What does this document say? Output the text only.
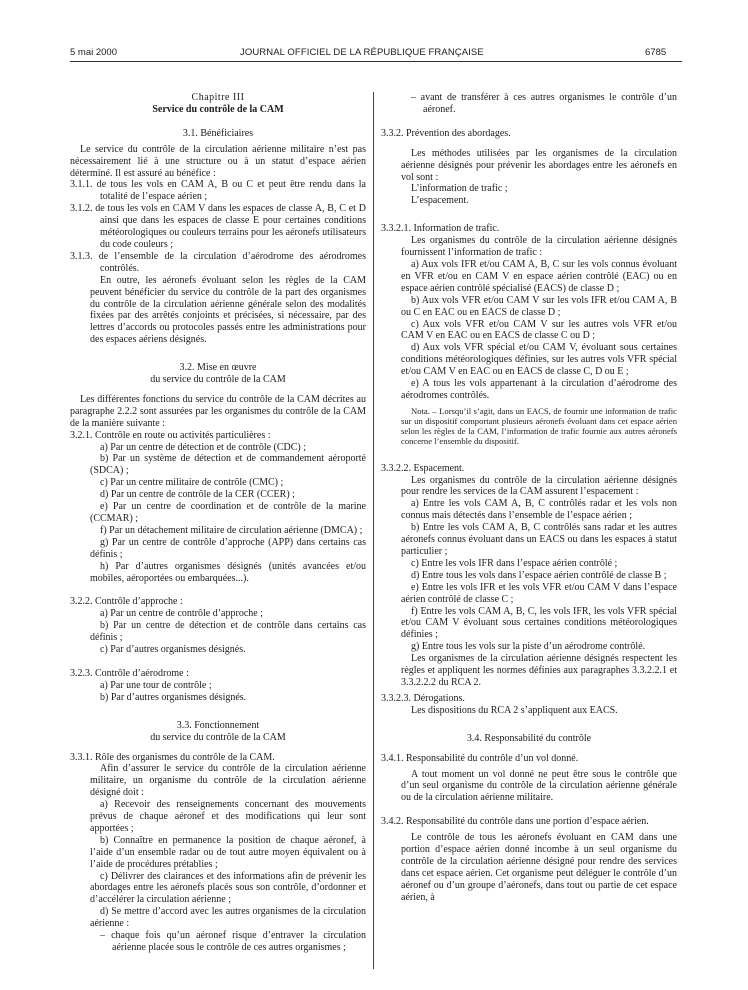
5 mai 2000	JOURNAL OFFICIEL DE LA RÉPUBLIQUE FRANÇAISE	6785

Chapitre III

Service du contrôle de la CAM

3.1. Bénéficiaires

Le service du contrôle de la circulation aérienne militaire n’est pas nécessairement lié à une structure ou à un statut d’espace aérien déterminé. Il est assuré au bénéfice :

3.1.1. de tous les vols en CAM A, B ou C et peut être rendu dans la totalité de l’espace aérien ;

3.1.2. de tous les vols en CAM V dans les espaces de classe A, B, C et D ainsi que dans les espaces de classe E pour certaines conditions météorologiques ou couleurs terrains pour les aéronefs utilisateurs du code couleurs ;

3.1.3. de l’ensemble de la circulation d’aérodrome des aérodromes contrôlés.

En outre, les aéronefs évoluant selon les règles de la CAM peuvent bénéficier du service du contrôle de la part des organismes du contrôle de la circulation aérienne générale selon des modalités fixées par des arrêtés conjoints et précisées, si nécessaire, par des lettres d’accords ou protocoles passés entre les administrations pour des espaces aériens désignés.

3.2. Mise en œuvre

du service du contrôle de la CAM

Les différentes fonctions du service du contrôle de la CAM décrites au paragraphe 2.2.2 sont assurées par les organismes du contrôle de la CAM de la manière suivante :

3.2.1. Contrôle en route ou activités particulières :

a) Par un centre de détection et de contrôle (CDC) ;

b) Par un système de détection et de commandement aéroporté (SDCA) ;

c) Par un centre militaire de contrôle (CMC) ;

d) Par un centre de contrôle de la CER (CCER) ;

e) Par un centre de coordination et de contrôle de la marine (CCMAR) ;

f) Par un détachement militaire de circulation aérienne (DMCA) ;

g) Par un centre de contrôle d’approche (APP) dans certains cas définis ;

h) Par d’autres organismes désignés (unités avancées et/ou mobiles, aéroportées ou embarquées...).

3.2.2. Contrôle d’approche :

a) Par un centre de contrôle d’approche ;

b) Par un centre de détection et de contrôle dans certains cas définis ;

c) Par d’autres organismes désignés.

3.2.3. Contrôle d’aérodrome :

a) Par une tour de contrôle ;

b) Par d’autres organismes désignés.

3.3. Fonctionnement

du service du contrôle de la CAM

3.3.1. Rôle des organismes du contrôle de la CAM.

Afin d’assurer le service du contrôle de la circulation aérienne militaire, un organisme du contrôle de la circulation aérienne désigné doit :

a) Recevoir des renseignements concernant des mouvements prévus de chaque aéronef et des modifications qui leur sont apportées ;

b) Connaître en permanence la position de chaque aéronef, à l’aide d’un ensemble radar ou de tout autre moyen équivalent ou à l’aide de procédures prétablies ;

c) Délivrer des clairances et des informations afin de prévenir les abordages entre les aéronefs placés sous son contrôle, d’ordonner et d’accélérer la circulation aérienne ;

d) Se mettre d’accord avec les autres organismes de la circulation aérienne :

– chaque fois qu’un aéronef risque d’entraver la circulation aérienne placée sous le contrôle de ces autres organismes ;

– avant de transférer à ces autres organismes le contrôle d’un aéronef.

3.3.2. Prévention des abordages.

Les méthodes utilisées par les organismes de la circulation aérienne désignés pour prévenir les abordages entre les aéronefs en vol sont :

L’information de trafic ;

L’espacement.

3.3.2.1. Information de trafic.

Les organismes du contrôle de la circulation aérienne désignés fournissent l’information de trafic :

a) Aux vols IFR et/ou CAM A, B, C sur les vols connus évoluant en VFR et/ou en CAM V en espace aérien contrôlé (EAC) ou en espace aérien contrôlé spécialisé (EACS) de classe D ;

b) Aux vols VFR et/ou CAM V sur les vols IFR et/ou CAM A, B ou C en EAC ou en EACS de classe D ;

c) Aux vols VFR et/ou CAM V sur les autres vols VFR et/ou CAM V en EAC ou en EACS de classe C ou D ;

d) Aux vols VFR spécial et/ou CAM V, évoluant sous certaines conditions météorologiques définies, sur les autres vols VFR spécial et/ou CAM V en EAC ou en EACS de classe C, D ou E ;

e) A tous les vols appartenant à la circulation d’aérodrome des aérodromes contrôlés.

Nota. – Lorsqu’il s’agit, dans un EACS, de fournir une information de trafic sur un dispositif comportant plusieurs aéronefs évoluant dans cet espace aérien selon les règles de la CAM, l’information de trafic fournie aux autres aéronefs concerne l’ensemble du dispositif.

3.3.2.2. Espacement.

Les organismes du contrôle de la circulation aérienne désignés pour rendre les services de la CAM assurent l’espacement :

a) Entre les vols CAM A, B, C contrôlés radar et les vols non connus mais détectés dans l’ensemble de l’espace aérien ;

b) Entre les vols CAM A, B, C contrôlés sans radar et les autres aéronefs connus évoluant dans un EACS ou dans les espaces à statut particulier ;

c) Entre les vols IFR dans l’espace aérien contrôlé ;

d) Entre tous les vols dans l’espace aérien contrôlé de classe B ;

e) Entre les vols IFR et les vols VFR et/ou CAM V dans l’espace aérien contrôlé de classe C ;

f) Entre les vols CAM A, B, C, les vols IFR, les vols VFR spécial et/ou CAM V évoluant sous certaines conditions météorologiques définies ;

g) Entre tous les vols sur la piste d’un aérodrome contrôlé.

Les organismes de la circulation aérienne désignés respectent les règles et appliquent les normes définies aux paragraphes 3.3.2.2.1 et 3.3.2.2.2 du RCA 2.

3.3.2.3. Dérogations.

Les dispositions du RCA 2 s’appliquent aux EACS.

3.4. Responsabilité du contrôle

3.4.1. Responsabilité du contrôle d’un vol donné.

A tout moment un vol donné ne peut être sous le contrôle que d’un seul organisme du contrôle de la circulation aérienne générale ou de la circulation aérienne militaire.

3.4.2. Responsabilité du contrôle dans une portion d’espace aérien.

Le contrôle de tous les aéronefs évoluant en CAM dans une portion d’espace aérien donné incombe à un seul organisme du contrôle de la circulation aérienne désigné pour rendre des services dans cet espace aérien. Cet organisme peut déléguer le contrôle d’un aéronef ou d’un groupe d’aéronefs, dans tout ou partie de cet espace aérien, à
